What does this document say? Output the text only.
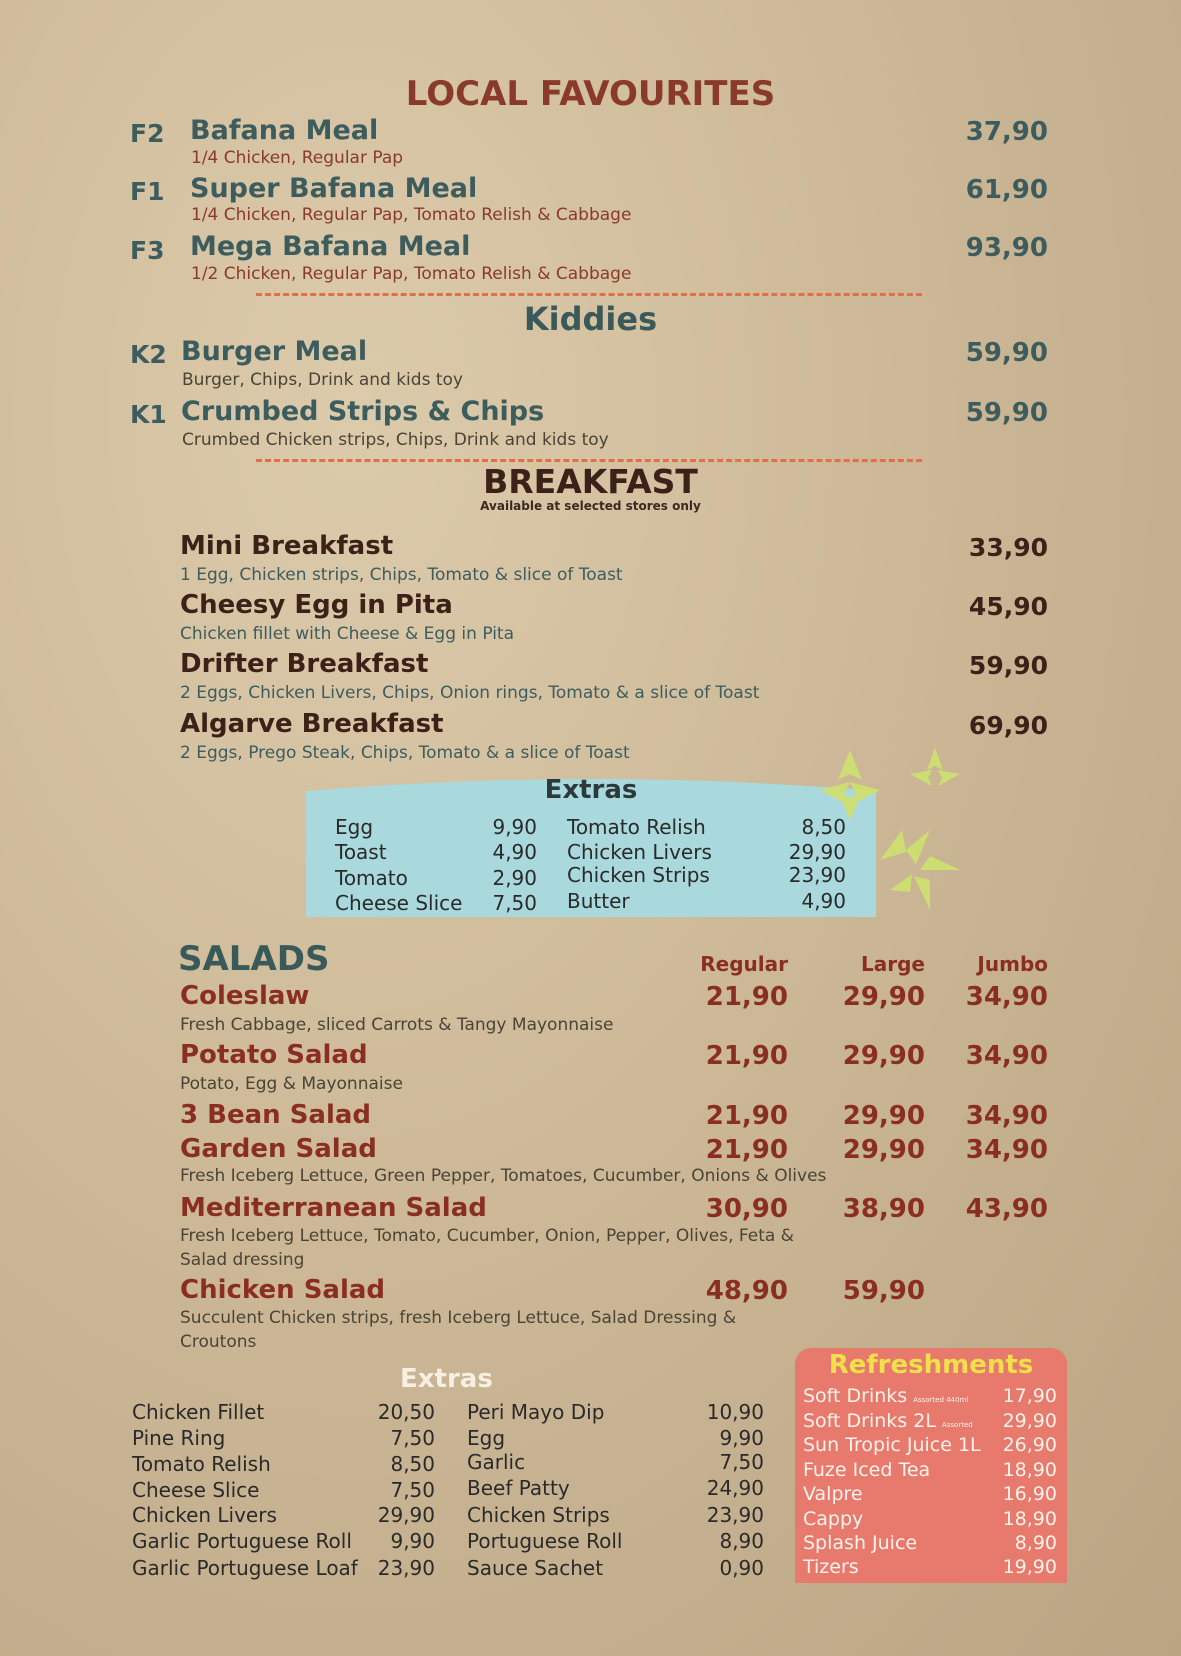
LOCAL FAVOURITES
F2 Bafana Meal
1/4 Chicken, Regular Pap
37,90
F1 Super Bafana Meal
1/4 Chicken, Regular Pap, Tomato Relish & Cabbage
61,90
F3 Mega Bafana Meal
1/2 Chicken, Regular Pap, Tomato Relish & Cabbage
93,90
Kiddies
K2 Burger Meal
Burger, Chips, Drink and kids toy
59,90
K1 Crumbed Strips & Chips
Crumbed Chicken strips, Chips, Drink and kids toy
59,90
BREAKFAST
Available at selected stores only
Mini Breakfast
1 Egg, Chicken strips, Chips, Tomato & slice of Toast
33,90
Cheesy Egg in Pita
Chicken fillet with Cheese & Egg in Pita
45,90
Drifter Breakfast
2 Eggs, Chicken Livers, Chips, Onion rings, Tomato & a slice of Toast
59,90
Algarve Breakfast
2 Eggs, Prego Steak, Chips, Tomato & a slice of Toast
69,90
Extras
Egg	9,90
Toast	4,90
Tomato	2,90
Cheese Slice 7,50
Tomato Relish	8,50
Chicken Livers	29,90
Chicken Strips	23,90
Butter	4,90
SALADS	Regular	Large	Jumbo
Coleslaw
Fresh Cabbage, sliced Carrots & Tangy Mayonnaise
21,90 29,90 34,90
Potato Salad
Potato, Egg & Mayonnaise
21,90 29,90 34,90
3 Bean Salad	21,90 29,90 34,90
Garden Salad
Fresh Iceberg Lettuce, Green Pepper, Tomatoes, Cucumber, Onions & Olives
21,90 29,90 34,90
Mediterranean Salad
Fresh Iceberg Lettuce, Tomato, Cucumber, Onion, Pepper, Olives, Feta &
Salad dressing
30,90 38,90 43,90
Chicken Salad
Succulent Chicken strips, fresh Iceberg Lettuce, Salad Dressing &
Croutons
48,90 59,90
Extras
Chicken Fillet	20,50
Pine Ring	7,50
Tomato Relish	8,50
Cheese Slice	7,50
Chicken Livers	29,90
Garlic Portuguese Roll 9,90
Garlic Portuguese Loaf 23,90
Peri Mayo Dip	10,90
Egg	9,90
Garlic	7,50
Beef Patty	24,90
Chicken Strips	23,90
Portuguese Roll	8,90
Sauce Sachet	0,90
Refreshments
Soft Drinks Assorted 440ml 17,90
Soft Drinks 2L Assorted 29,90
Sun Tropic Juice 1L 26,90
Fuze Iced Tea	18,90
Valpre	16,90
Cappy	18,90
Splash Juice	8,90
Tizers	19,90
